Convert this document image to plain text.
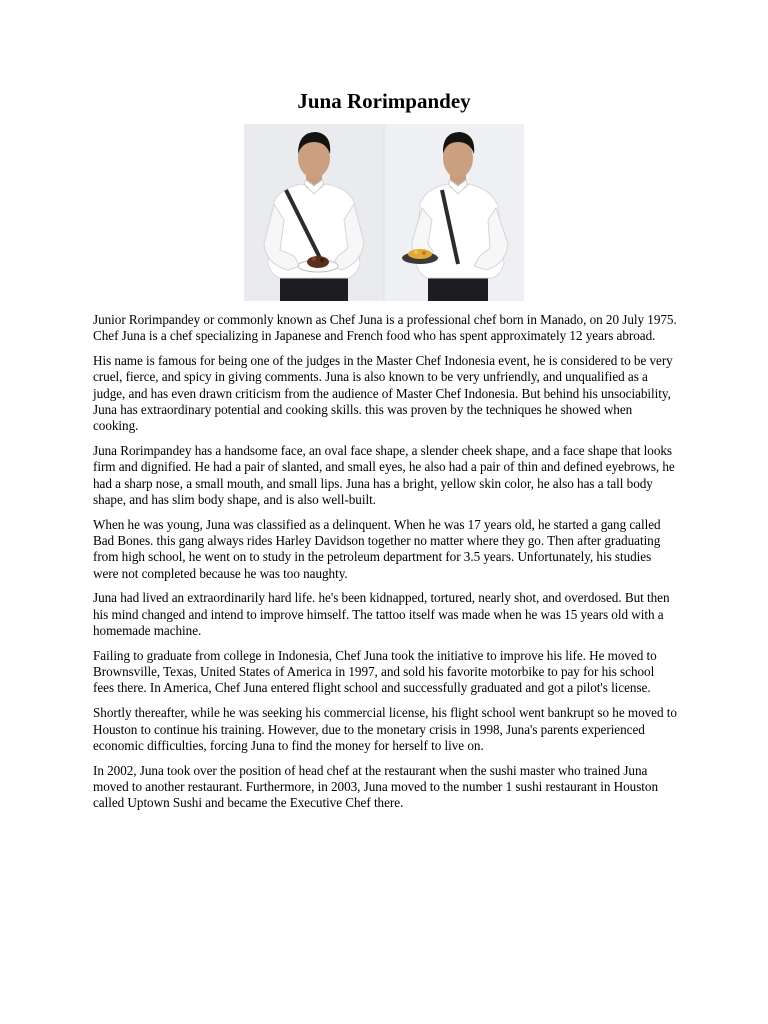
Juna Rorimpandey

Junior Rorimpandey or commonly known as Chef Juna is a professional chef born in Manado, on 20 July 1975. Chef Juna is a chef specializing in Japanese and French food who has spent approximately 12 years abroad.

His name is famous for being one of the judges in the Master Chef Indonesia event, he is considered to be very cruel, fierce, and spicy in giving comments. Juna is also known to be very unfriendly, and unqualified as a judge, and has even drawn criticism from the audience of Master Chef Indonesia. But behind his unsociability, Juna has extraordinary potential and cooking skills. this was proven by the techniques he showed when cooking.

Juna Rorimpandey has a handsome face, an oval face shape, a slender cheek shape, and a face shape that looks firm and dignified. He had a pair of slanted, and small eyes, he also had a pair of thin and defined eyebrows, he had a sharp nose, a small mouth, and small lips. Juna has a bright, yellow skin color, he also has a tall body shape, and has slim body shape, and is also well-built.

When he was young, Juna was classified as a delinquent. When he was 17 years old, he started a gang called Bad Bones. this gang always rides Harley Davidson together no matter where they go. Then after graduating from high school, he went on to study in the petroleum department for 3.5 years. Unfortunately, his studies were not completed because he was too naughty.

Juna had lived an extraordinarily hard life. he's been kidnapped, tortured, nearly shot, and overdosed. But then his mind changed and intend to improve himself. The tattoo itself was made when he was 15 years old with a homemade machine.

Failing to graduate from college in Indonesia, Chef Juna took the initiative to improve his life. He moved to Brownsville, Texas, United States of America in 1997, and sold his favorite motorbike to pay for his school fees there. In America, Chef Juna entered flight school and successfully graduated and got a pilot's license.

Shortly thereafter, while he was seeking his commercial license, his flight school went bankrupt so he moved to Houston to continue his training. However, due to the monetary crisis in 1998, Juna's parents experienced economic difficulties, forcing Juna to find the money for herself to live on.

In 2002, Juna took over the position of head chef at the restaurant when the sushi master who trained Juna moved to another restaurant. Furthermore, in 2003, Juna moved to the number 1 sushi restaurant in Houston called Uptown Sushi and became the Executive Chef there.
